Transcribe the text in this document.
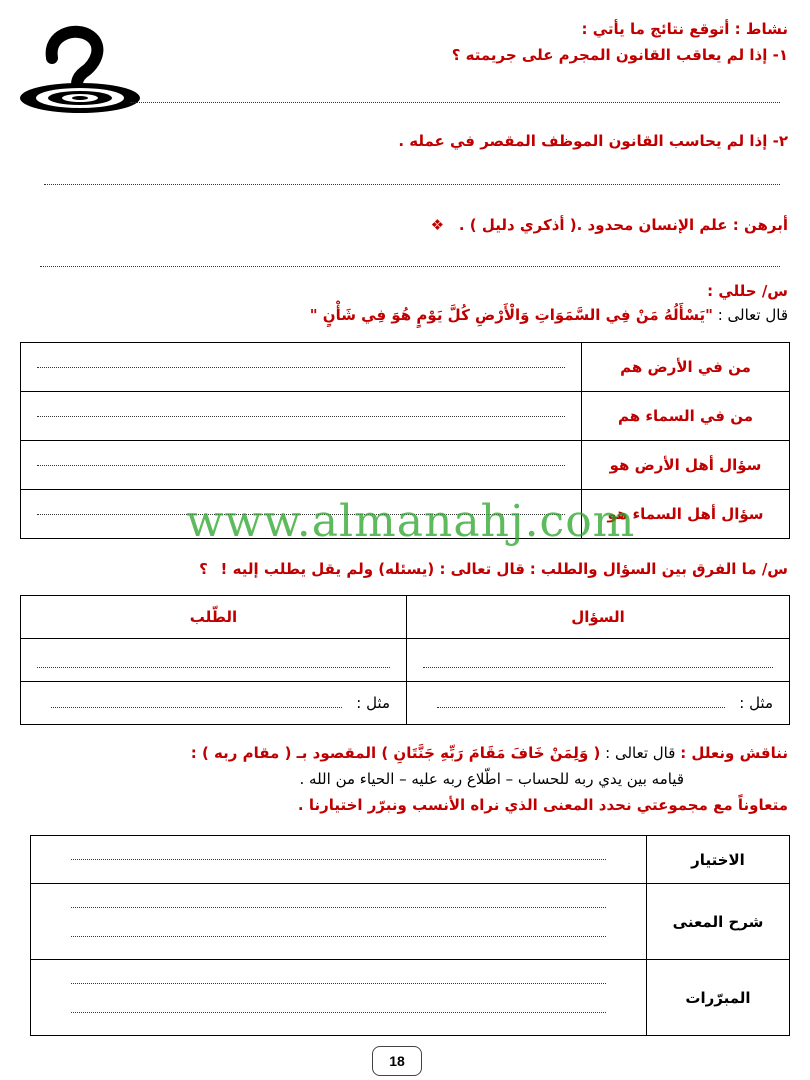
نشاط : أتوقع نتائج ما يأتي :
١- إذا لم يعاقب القانون المجرم على جريمته ؟
٢- إذا لم يحاسب القانون الموظف المقصر في عمله .
أبرهن : علم الإنسان محدود .( أذكري دليل ) . ❖
س/ حللي :
قال تعالى : "يَسْأَلُهُ مَنْ فِي السَّمَوَاتِ وَالْأَرْضِ كُلَّ يَوْمٍ هُوَ فِي شَأْنٍ "
	من في الأرض هم

	من في السماء هم

	سؤال أهل الأرض هو

	سؤال أهل السماء هو
www.almanahj.com
س/ ما الفرق بين السؤال والطلب : قال تعالى : (يسئله) ولم يقل يطلب إليه ! ؟
الطّلب	السؤال

مثل :	مثل :
نناقش ونعلل : قال تعالى : ( وَلِمَنْ خَافَ مَقَامَ رَبِّهِ جَنَّتَانِ ) المقصود بـ ( مقام ربه ) :
قيامه بين يدي ربه للحساب – اطّلاع ربه عليه – الحياء من الله .
متعاوناً مع مجموعتي نحدد المعنى الذي نراه الأنسب ونبرّر اختيارنا .
	الاختيار

	شرح المعنى

	المبرّرات
18
